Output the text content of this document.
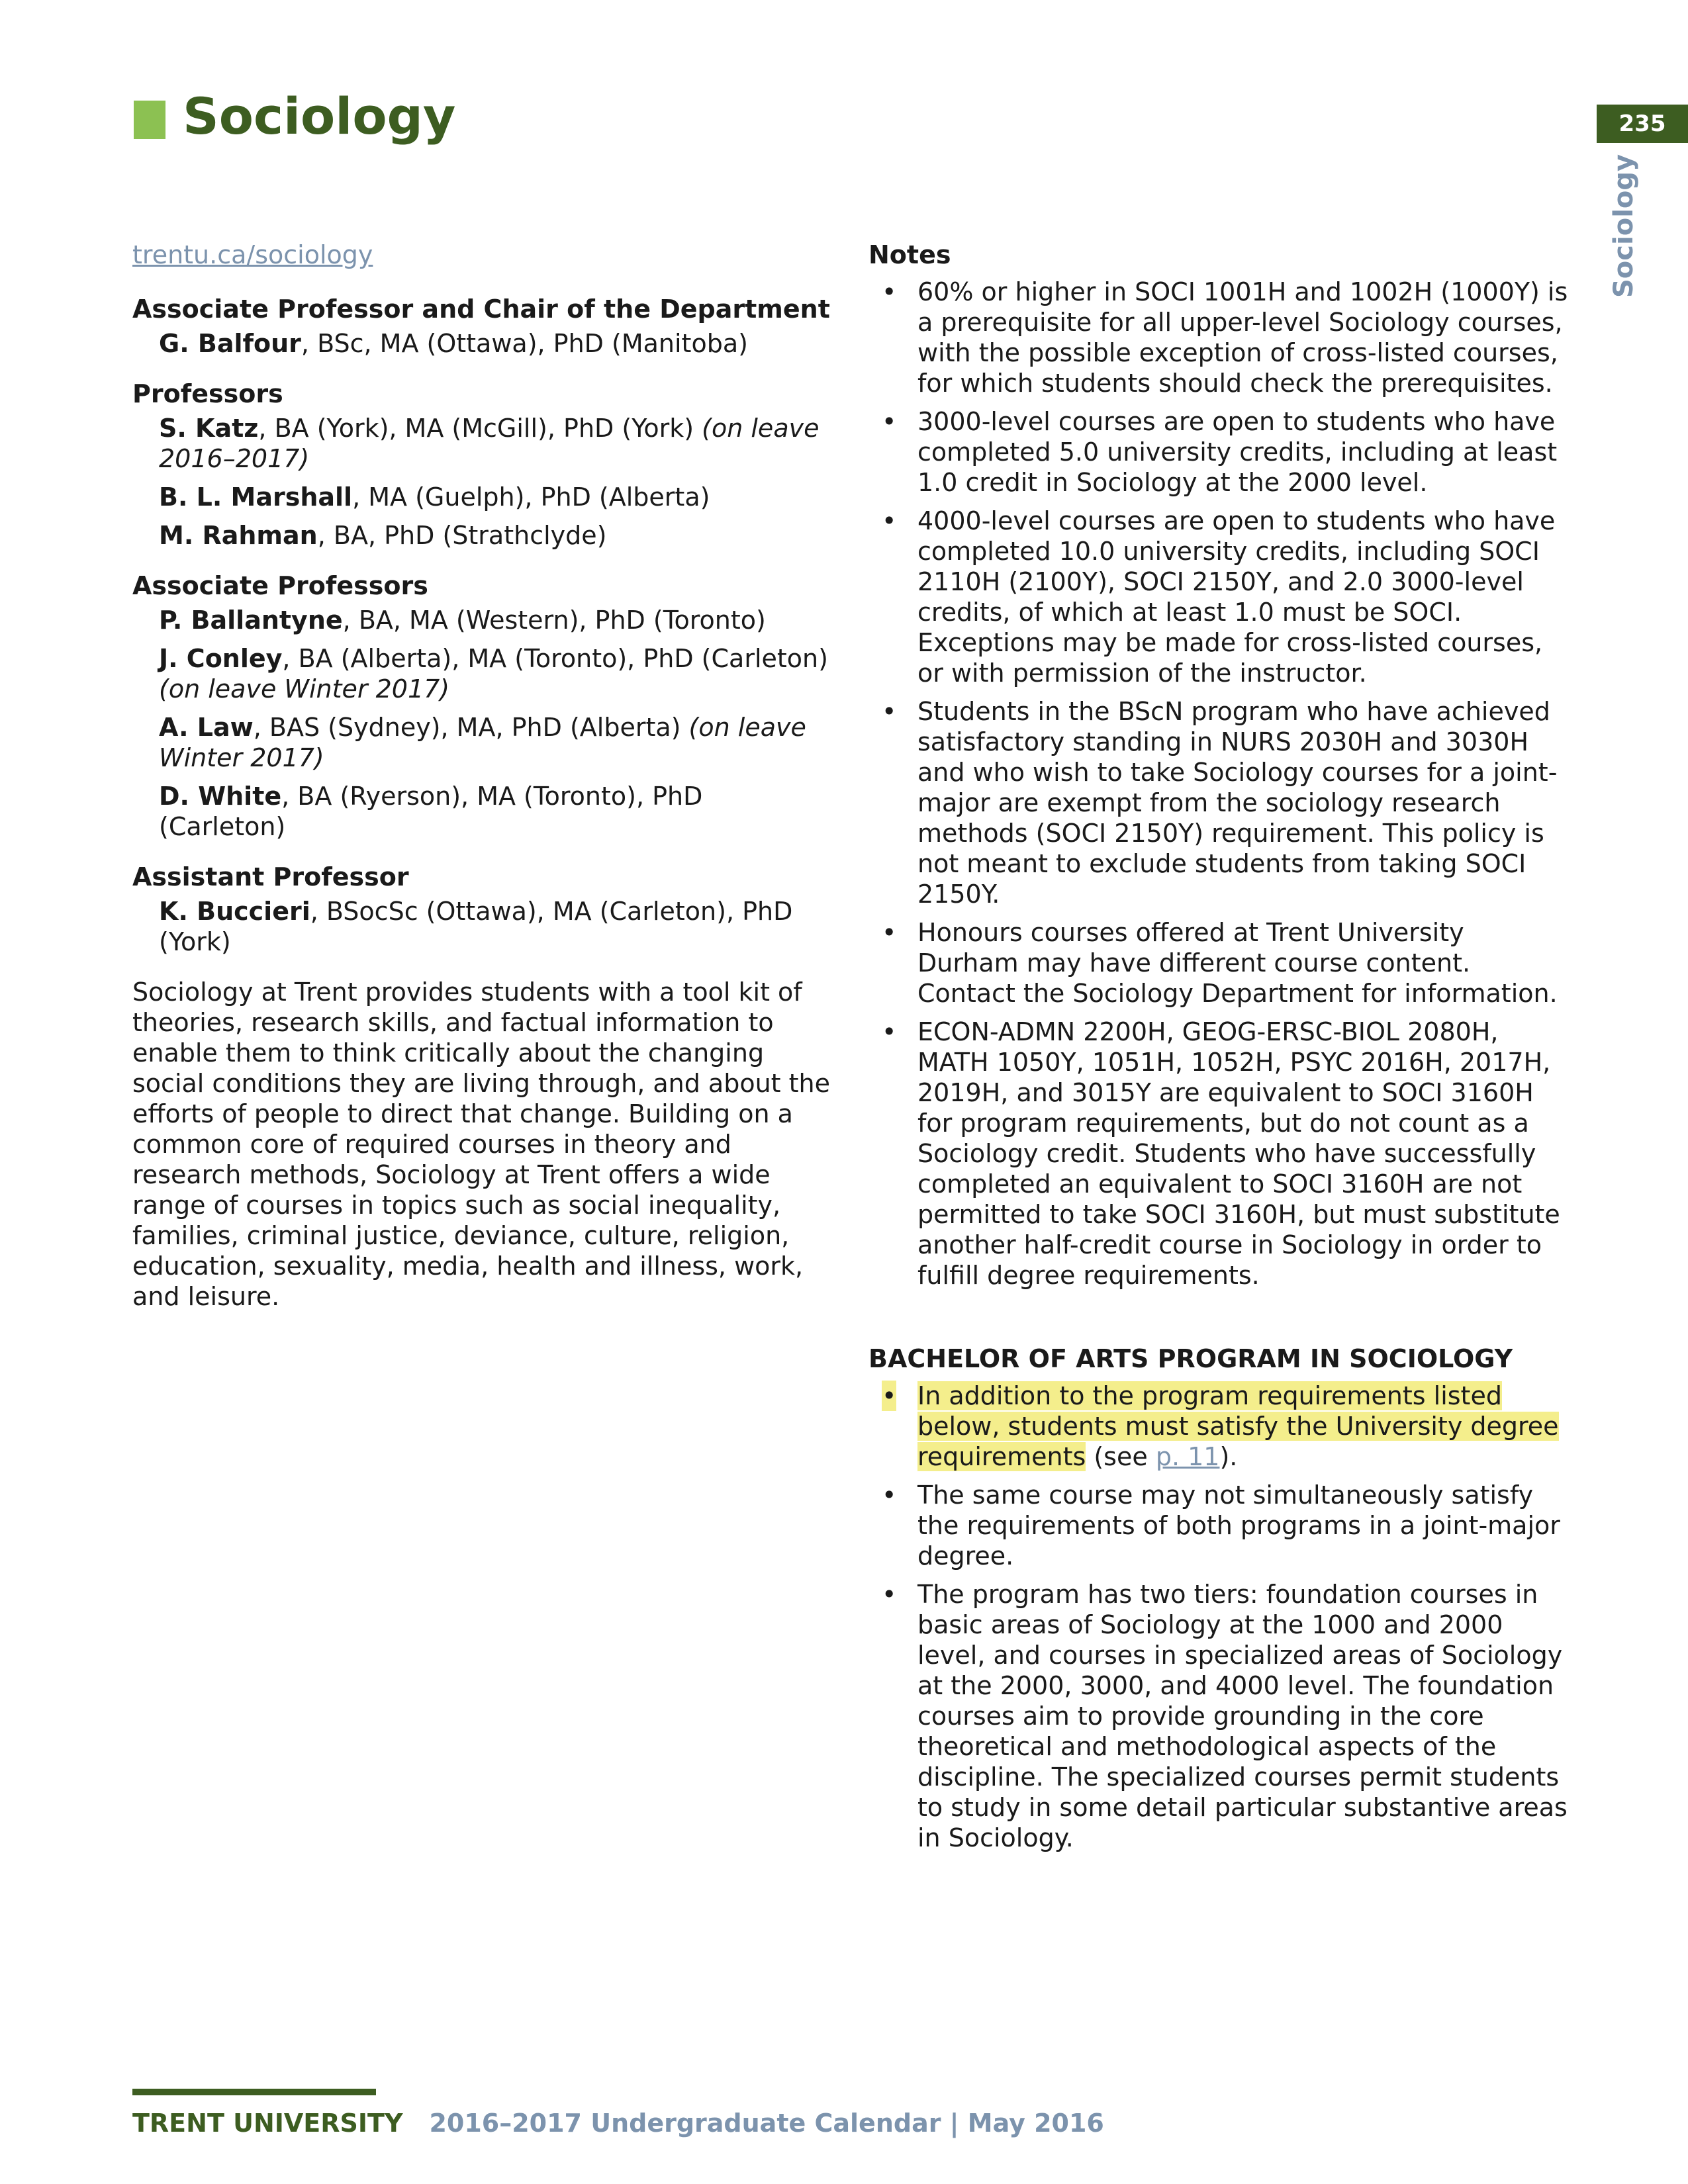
Sociology	235
Sociology
trentu.ca/sociology

Associate Professor and Chair of the Department

G. Balfour, BSc, MA (Ottawa), PhD (Manitoba)

Professors

S. Katz, BA (York), MA (McGill), PhD (York) (on leave 2016–2017)
B. L. Marshall, MA (Guelph), PhD (Alberta)
M. Rahman, BA, PhD (Strathclyde)

Associate Professors

P. Ballantyne, BA, MA (Western), PhD (Toronto)
J. Conley, BA (Alberta), MA (Toronto), PhD (Carleton) (on leave Winter 2017)
A. Law, BAS (Sydney), MA, PhD (Alberta) (on leave Winter 2017)
D. White, BA (Ryerson), MA (Toronto), PhD (Carleton)

Assistant Professor

K. Buccieri, BSocSc (Ottawa), MA (Carleton), PhD (York)

Sociology at Trent provides students with a tool kit of theories, research skills, and factual information to enable them to think critically about the changing social conditions they are living through, and about the efforts of people to direct that change. Building on a common core of required courses in theory and research methods, Sociology at Trent offers a wide range of courses in topics such as social inequality, families, criminal justice, deviance, culture, religion, education, sexuality, media, health and illness, work, and leisure.

Notes

• 60% or higher in SOCI 1001H and 1002H (1000Y) is a prerequisite for all upper-level Sociology courses, with the possible exception of cross-listed courses, for which students should check the prerequisites.
• 3000-level courses are open to students who have completed 5.0 university credits, including at least 1.0 credit in Sociology at the 2000 level.
• 4000-level courses are open to students who have completed 10.0 university credits, including SOCI 2110H (2100Y), SOCI 2150Y, and 2.0 3000-level credits, of which at least 1.0 must be SOCI. Exceptions may be made for cross-listed courses, or with permission of the instructor.
• Students in the BScN program who have achieved satisfactory standing in NURS 2030H and 3030H and who wish to take Sociology courses for a joint-major are exempt from the sociology research methods (SOCI 2150Y) requirement. This policy is not meant to exclude students from taking SOCI 2150Y.
• Honours courses offered at Trent University Durham may have different course content. Contact the Sociology Department for information.
• ECON-ADMN 2200H, GEOG-ERSC-BIOL 2080H, MATH 1050Y, 1051H, 1052H, PSYC 2016H, 2017H, 2019H, and 3015Y are equivalent to SOCI 3160H for program requirements, but do not count as a Sociology credit. Students who have successfully completed an equivalent to SOCI 3160H are not permitted to take SOCI 3160H, but must substitute another half-credit course in Sociology in order to fulfill degree requirements.

BACHELOR OF ARTS PROGRAM IN SOCIOLOGY

• In addition to the program requirements listed below, students must satisfy the University degree requirements (see p. 11).
• The same course may not simultaneously satisfy the requirements of both programs in a joint-major degree.
• The program has two tiers: foundation courses in basic areas of Sociology at the 1000 and 2000 level, and courses in specialized areas of Sociology at the 2000, 3000, and 4000 level. The foundation courses aim to provide grounding in the core theoretical and methodological aspects of the discipline. The specialized courses permit students to study in some detail particular substantive areas in Sociology.
TRENT UNIVERSITY 2016–2017 Undergraduate Calendar | May 2016
